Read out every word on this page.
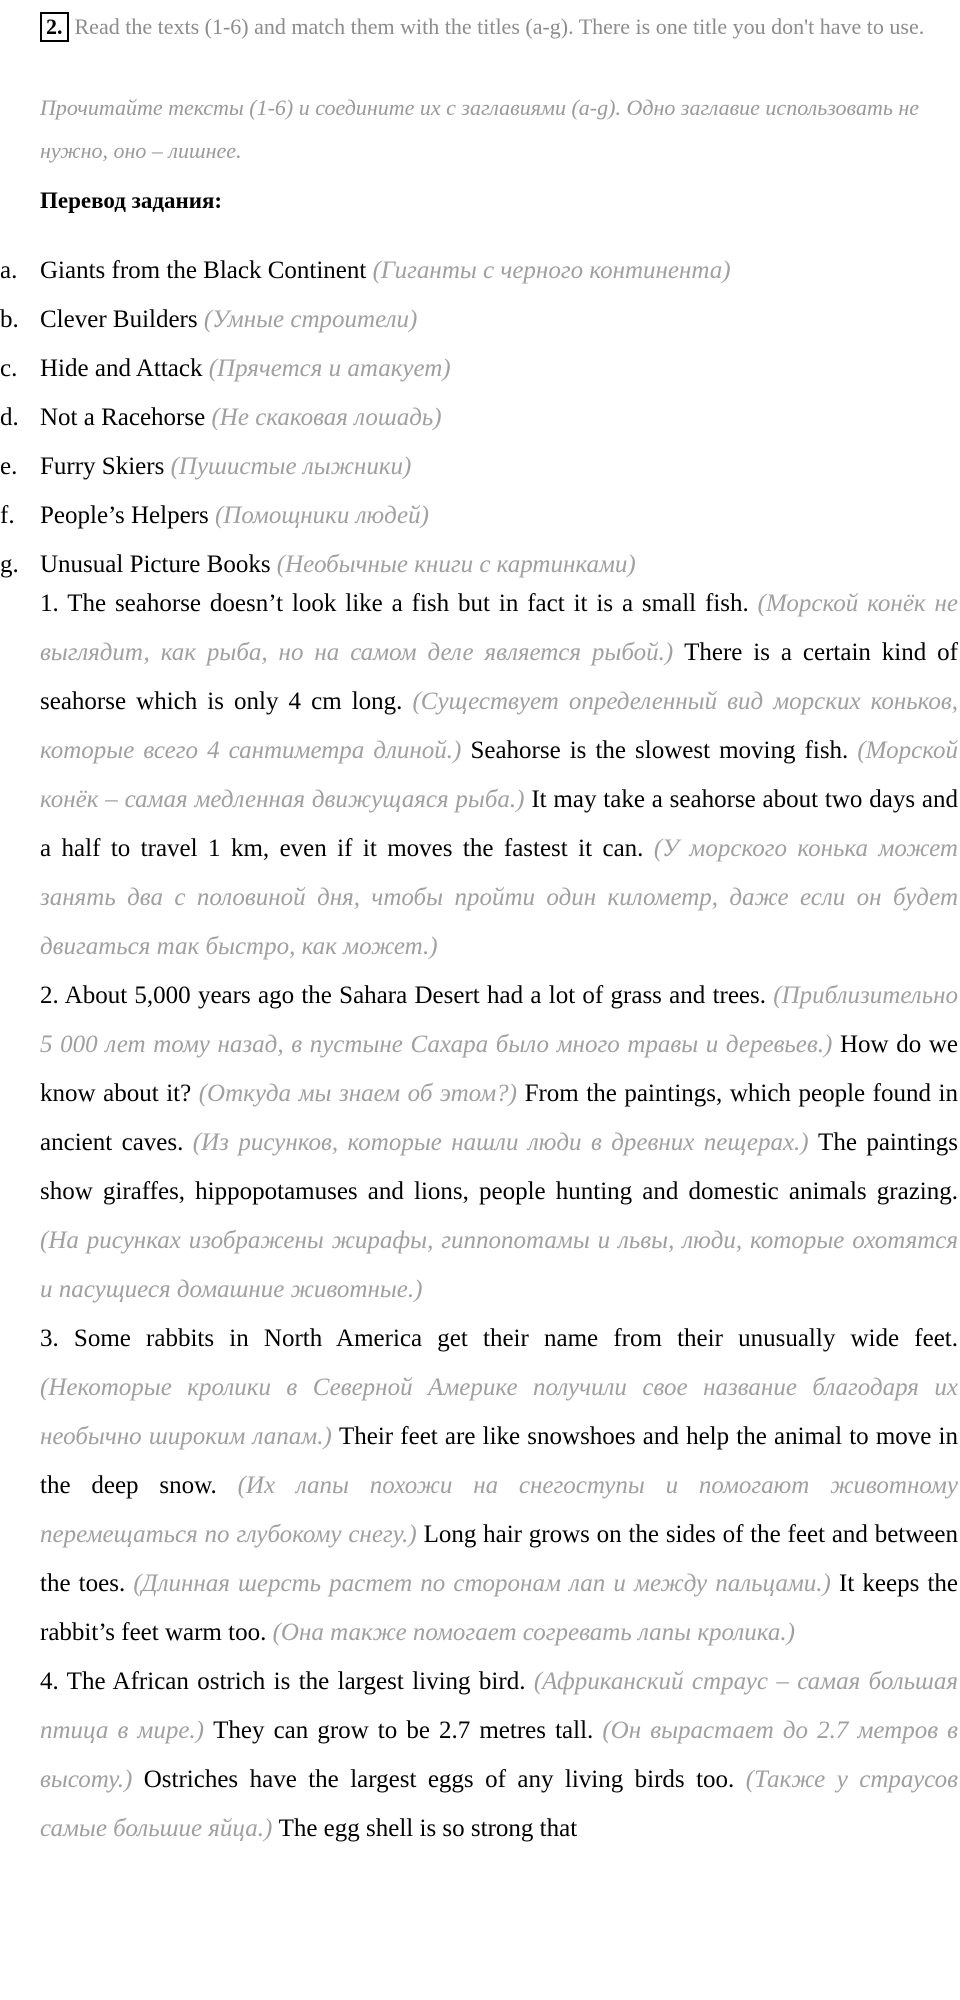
2. Read the texts (1-6) and match them with the titles (a-g). There is one title you don't have to use.
Прочитайте тексты (1-6) и соедините их с заглавиями (a-g). Одно заглавие использовать не нужно, оно – лишнее.
Перевод задания:
a. Giants from the Black Continent (Гиганты с черного континента)
b. Clever Builders (Умные строители)
c. Hide and Attack (Прячется и атакует)
d. Not a Racehorse (Не скаковая лошадь)
e. Furry Skiers (Пушистые лыжники)
f. People’s Helpers (Помощники людей)
g. Unusual Picture Books (Необычные книги с картинками)

1. The seahorse doesn’t look like a fish but in fact it is a small fish. (Морской конёк не выглядит, как рыба, но на самом деле является рыбой.) There is a certain kind of seahorse which is only 4 cm long. (Существует определенный вид морских коньков, которые всего 4 сантиметра длиной.) Seahorse is the slowest moving fish. (Морской конёк – самая медленная движущаяся рыба.) It may take a seahorse about two days and a half to travel 1 km, even if it moves the fastest it can. (У морского конька может занять два с половиной дня, чтобы пройти один километр, даже если он будет двигаться так быстро, как может.)

2. About 5,000 years ago the Sahara Desert had a lot of grass and trees. (Приблизительно 5 000 лет тому назад, в пустыне Сахара было много травы и деревьев.) How do we know about it? (Откуда мы знаем об этом?) From the paintings, which people found in ancient caves. (Из рисунков, которые нашли люди в древних пещерах.) The paintings show giraffes, hippopotamuses and lions, people hunting and domestic animals grazing. (На рисунках изображены жирафы, гиппопотамы и львы, люди, которые охотятся и пасущиеся домашние животные.)

3. Some rabbits in North America get their name from their unusually wide feet. (Некоторые кролики в Северной Америке получили свое название благодаря их необычно широким лапам.) Their feet are like snowshoes and help the animal to move in the deep snow. (Их лапы похожи на снегоступы и помогают животному перемещаться по глубокому снегу.) Long hair grows on the sides of the feet and between the toes. (Длинная шерсть растет по сторонам лап и между пальцами.) It keeps the rabbit’s feet warm too. (Она также помогает согревать лапы кролика.)

4. The African ostrich is the largest living bird. (Африканский страус – самая большая птица в мире.) They can grow to be 2.7 metres tall. (Он вырастает до 2.7 метров в высоту.) Ostriches have the largest eggs of any living birds too. (Также у страусов самые большие яйца.) The egg shell is so strong that
